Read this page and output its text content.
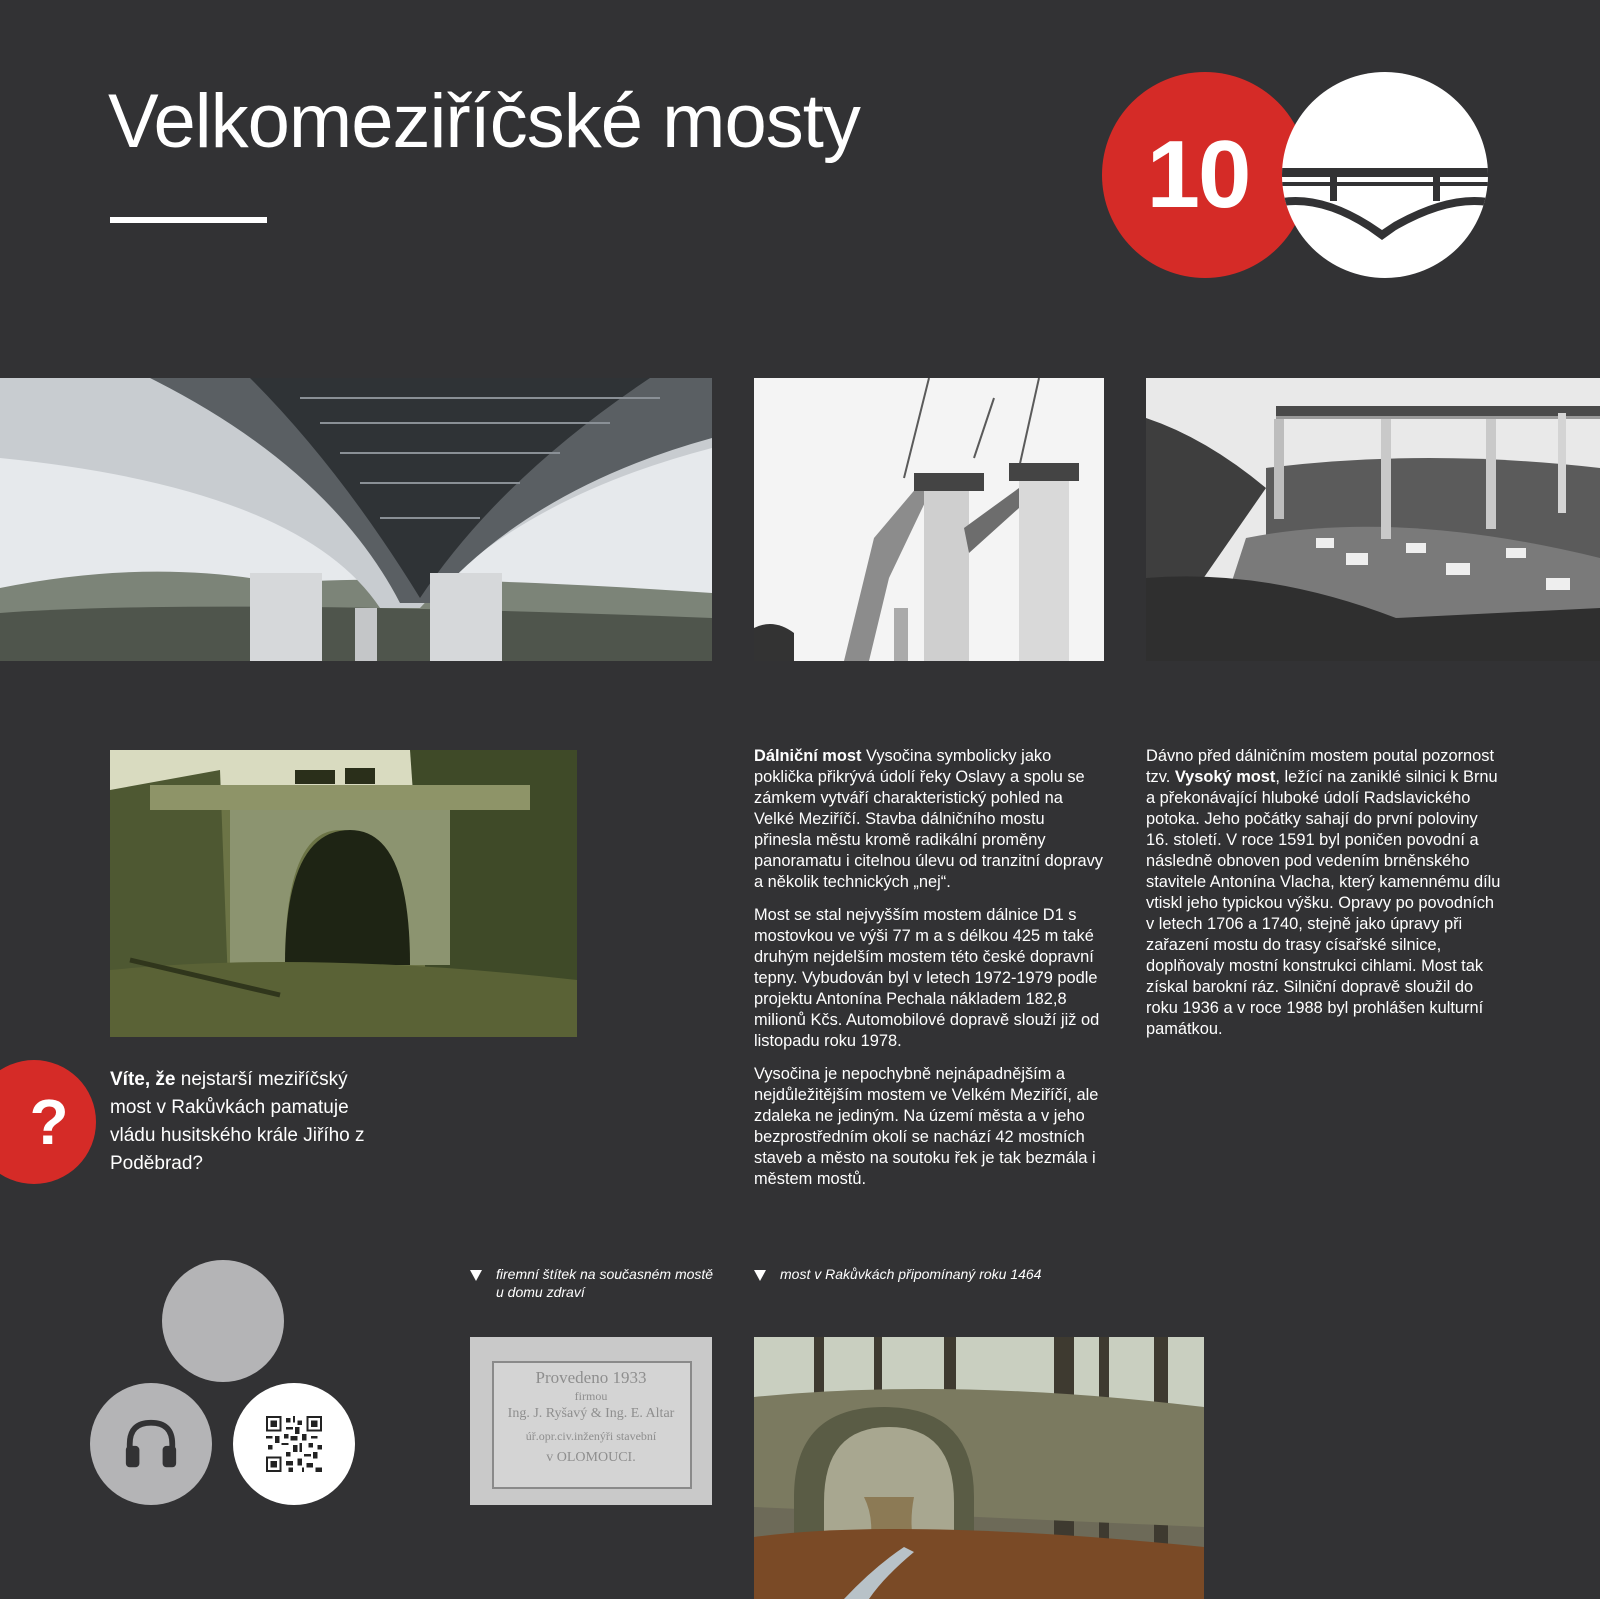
Velkomeziříčské mosty	10

Dálniční most Vysočina symbolicky jako poklička přikrývá údolí řeky Oslavy a spolu se zámkem vytváří charakteristický pohled na Velké Meziříčí. Stavba dálničního mostu přinesla městu kromě radikální proměny panoramatu i citelnou úlevu od tranzitní dopravy a několik technických „nej“.

Most se stal nejvyšším mostem dálnice D1 s mostovkou ve výši 77 m a s délkou 425 m také druhým nejdelším mostem této české dopravní tepny. Vybudován byl v letech 1972-1979 podle projektu Antonína Pechala nákladem 182,8 milionů Kčs. Automobilové dopravě slouží již od listopadu roku 1978.

Vysočina je nepochybně nejnápadnějším a nejdůležitějším mostem ve Velkém Meziříčí, ale zdaleka ne jediným. Na území města a v jeho bezprostředním okolí se nachází 42 mostních staveb a město na soutoku řek je tak bezmála i městem mostů.

Dávno před dálničním mostem poutal pozornost tzv. Vysoký most, ležící na zaniklé silnici k Brnu a překonávající hluboké údolí Radslavického potoka. Jeho počátky sahají do první poloviny 16. století. V roce 1591 byl poničen povodní a následně obnoven pod vedením brněnského stavitele Antonína Vlacha, který kamennému dílu vtiskl jeho typickou výšku. Opravy po povodních v letech 1706 a 1740, stejně jako úpravy při zařazení mostu do trasy císařské silnice, doplňovaly mostní konstrukci cihlami. Most tak získal barokní ráz. Silniční dopravě sloužil do roku 1936 a v roce 1988 byl prohlášen kulturní památkou.

?
Víte, že nejstarší meziříčský most v Rakůvkách pamatuje vládu husitského krále Jiřího z Poděbrad?
firemní štítek na současném mostě u domu zdraví
most v Rakůvkách připomínaný roku 1464
Provedeno 1933
firmou
Ing. J. Ryšavý & Ing. E. Altar
úř.opr.civ.inženýři stavební
v OLOMOUCI.
